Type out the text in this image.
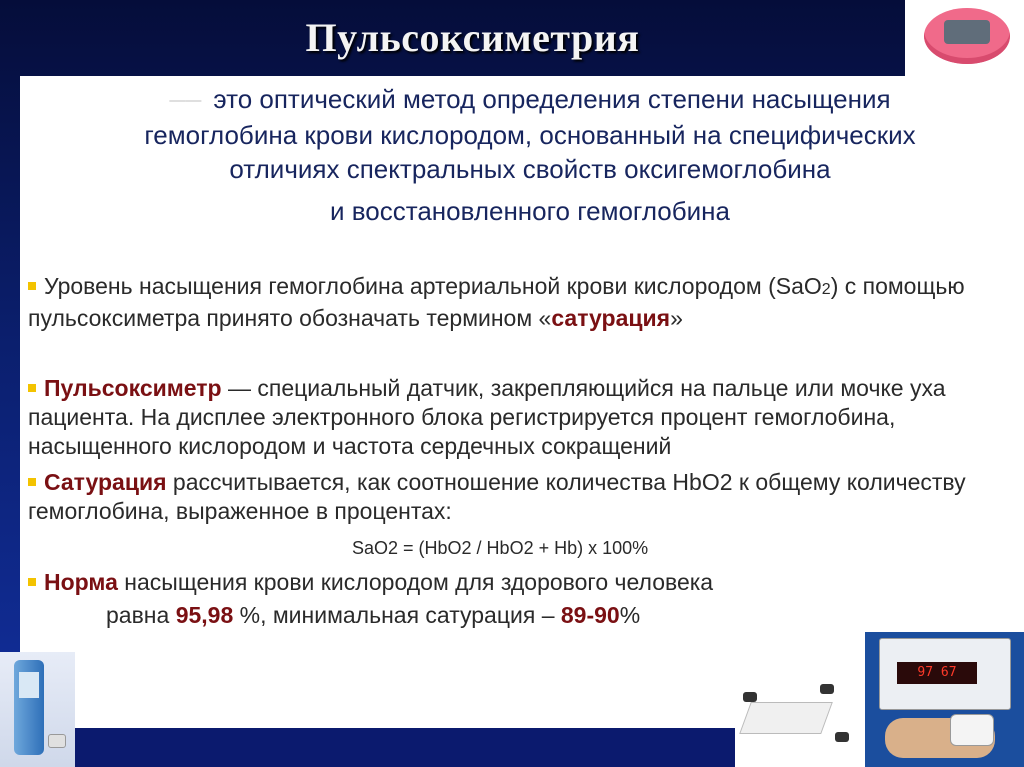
Пульсоксиметрия
—— это оптический метод определения степени насыщения
гемоглобина крови кислородом, основанный на специфических
отличиях спектральных свойств оксигемоглобина
и восстановленного гемоглобина
Уровень насыщения гемоглобина артериальной крови кислородом (SaO2) с помощью пульсоксиметра принято обозначать термином «сатурация»
Пульсоксиметр — специальный датчик, закрепляющийся на пальце или мочке уха пациента. На дисплее электронного блока регистрируется процент гемоглобина, насыщенного кислородом и частота сердечных сокращений
Сатурация рассчитывается, как соотношение количества HbO2 к общему количеству гемоглобина, выраженное в процентах:
SaO2 = (HbO2 / HbO2 + Hb) х 100%
Норма насыщения крови кислородом для здорового человека
равна 95,98 %, минимальная сатурация – 89-90%
97 67
